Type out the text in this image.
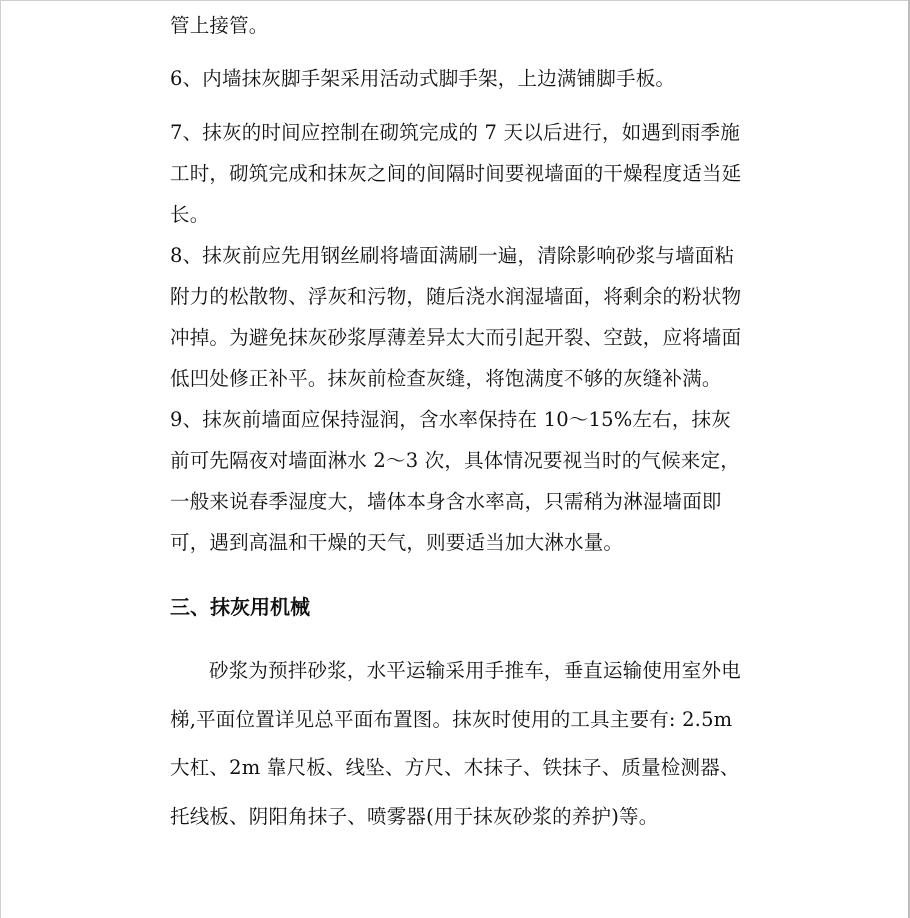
管上接管。

6、内墙抹灰脚手架采用活动式脚手架，上边满铺脚手板。

7、抹灰的时间应控制在砌筑完成的 7 天以后进行，如遇到雨季施工时，砌筑完成和抹灰之间的间隔时间要视墙面的干燥程度适当延长。

8、抹灰前应先用钢丝刷将墙面满刷一遍，清除影响砂浆与墙面粘附力的松散物、浮灰和污物，随后浇水润湿墙面，将剩余的粉状物冲掉。为避免抹灰砂浆厚薄差异太大而引起开裂、空鼓，应将墙面低凹处修正补平。抹灰前检查灰缝，将饱满度不够的灰缝补满。

9、抹灰前墙面应保持湿润，含水率保持在 10～15%左右，抹灰前可先隔夜对墙面淋水 2～3 次，具体情况要视当时的气候来定，一般来说春季湿度大，墙体本身含水率高，只需稍为淋湿墙面即可，遇到高温和干燥的天气，则要适当加大淋水量。

三、抹灰用机械

砂浆为预拌砂浆，水平运输采用手推车，垂直运输使用室外电梯,平面位置详见总平面布置图。抹灰时使用的工具主要有: 2.5m 大杠、2m 靠尺板、线坠、方尺、木抹子、铁抹子、质量检测器、托线板、阴阳角抹子、喷雾器(用于抹灰砂浆的养护)等。
